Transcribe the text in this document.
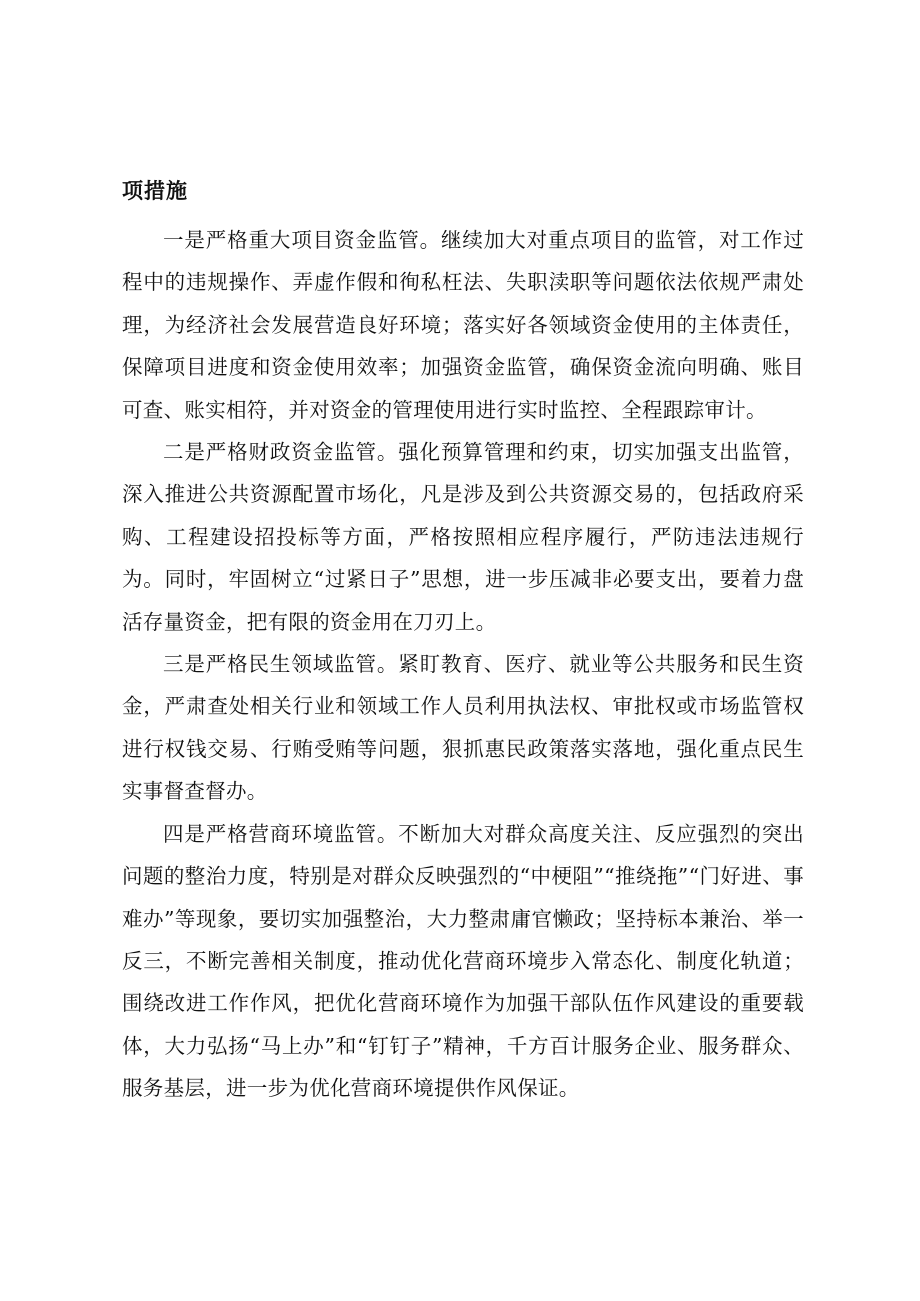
项措施

一是严格重大项目资金监管。继续加大对重点项目的监管，对工作过程中的违规操作、弄虚作假和徇私枉法、失职渎职等问题依法依规严肃处理，为经济社会发展营造良好环境；落实好各领域资金使用的主体责任，保障项目进度和资金使用效率；加强资金监管，确保资金流向明确、账目可查、账实相符，并对资金的管理使用进行实时监控、全程跟踪审计。

二是严格财政资金监管。强化预算管理和约束，切实加强支出监管，深入推进公共资源配置市场化，凡是涉及到公共资源交易的，包括政府采购、工程建设招投标等方面，严格按照相应程序履行，严防违法违规行为。同时，牢固树立“过紧日子”思想，进一步压减非必要支出，要着力盘活存量资金，把有限的资金用在刀刃上。

三是严格民生领域监管。紧盯教育、医疗、就业等公共服务和民生资金，严肃查处相关行业和领域工作人员利用执法权、审批权或市场监管权进行权钱交易、行贿受贿等问题，狠抓惠民政策落实落地，强化重点民生实事督查督办。

四是严格营商环境监管。不断加大对群众高度关注、反应强烈的突出问题的整治力度，特别是对群众反映强烈的“中梗阻”“推绕拖”“门好进、事难办”等现象，要切实加强整治，大力整肃庸官懒政；坚持标本兼治、举一反三，不断完善相关制度，推动优化营商环境步入常态化、制度化轨道；围绕改进工作作风，把优化营商环境作为加强干部队伍作风建设的重要载体，大力弘扬“马上办”和“钉钉子”精神，千方百计服务企业、服务群众、服务基层，进一步为优化营商环境提供作风保证。
